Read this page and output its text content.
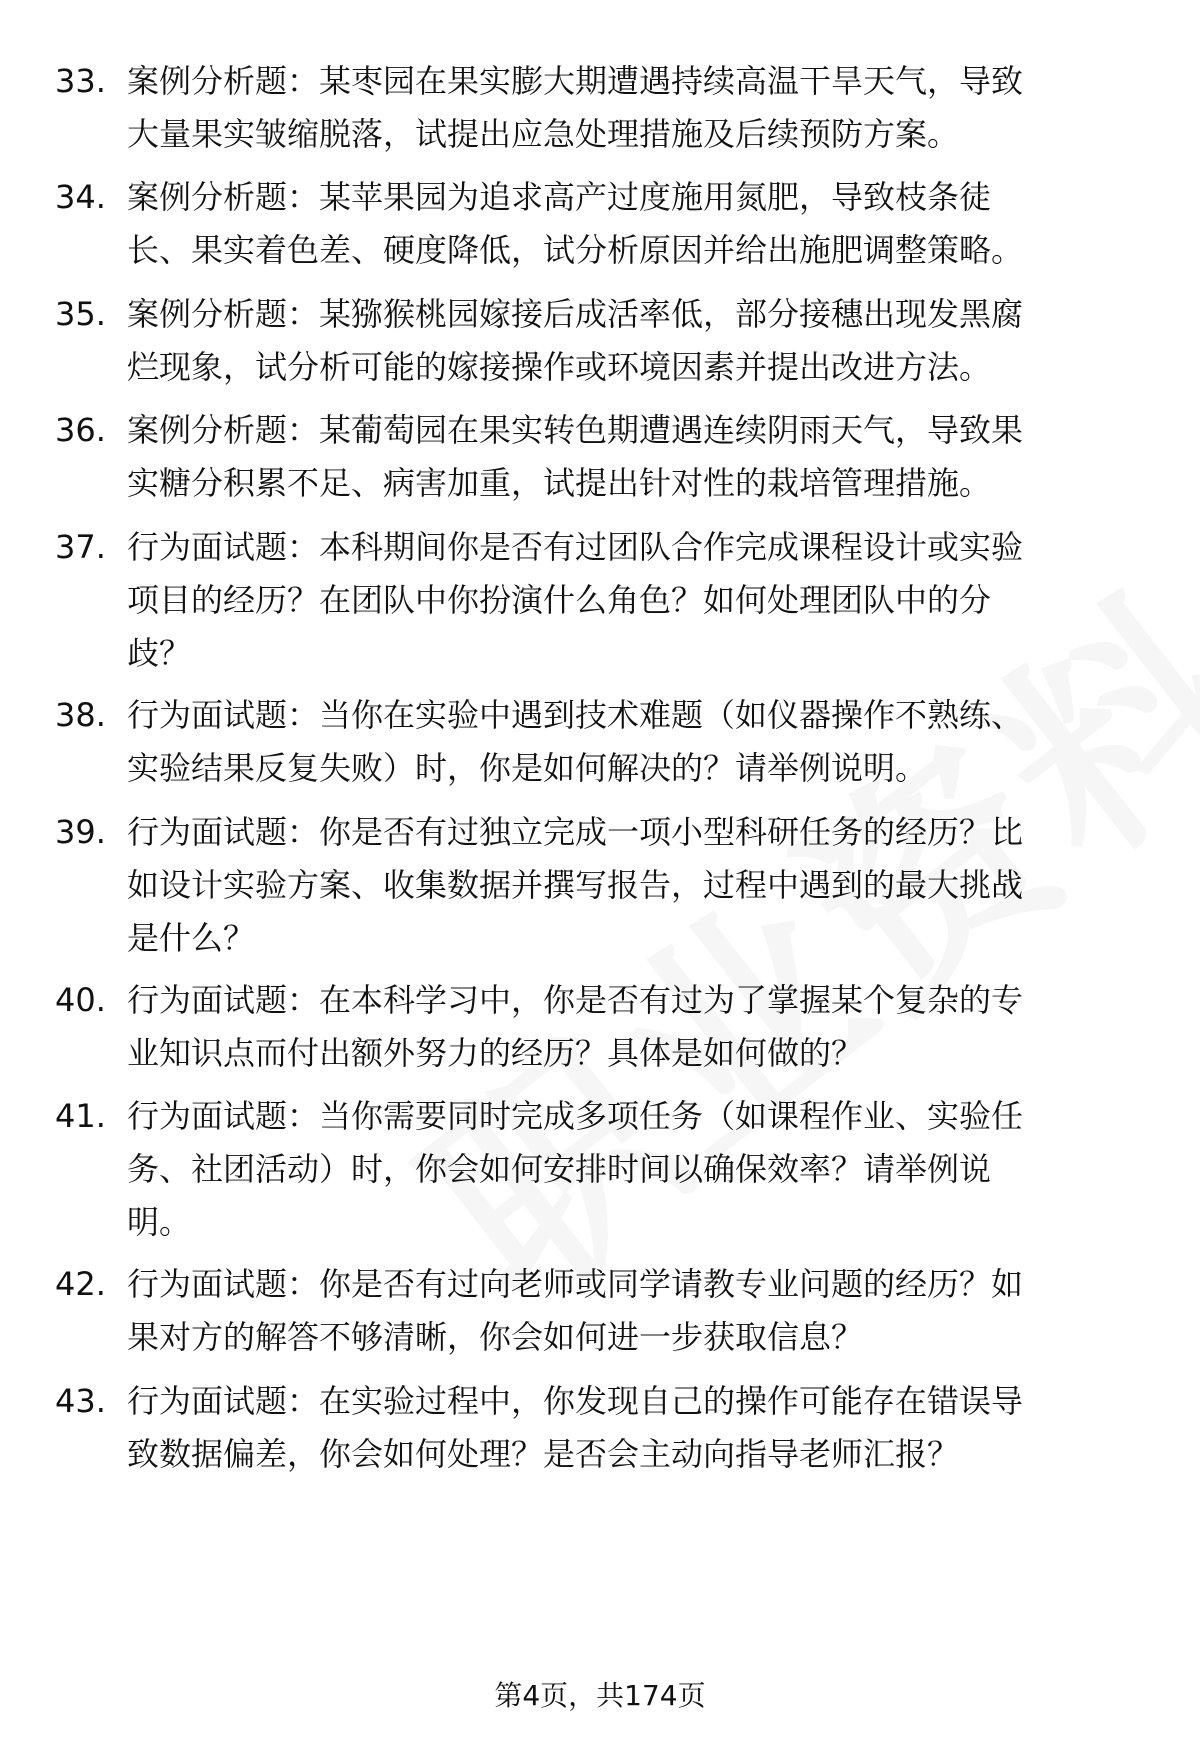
33. 案例分析题：某枣园在果实膨大期遭遇持续高温干旱天气，导致
大量果实皱缩脱落，试提出应急处理措施及后续预防方案。
34. 案例分析题：某苹果园为追求高产过度施用氮肥，导致枝条徒
长、果实着色差、硬度降低，试分析原因并给出施肥调整策略。
35. 案例分析题：某猕猴桃园嫁接后成活率低，部分接穗出现发黑腐
烂现象，试分析可能的嫁接操作或环境因素并提出改进方法。
36. 案例分析题：某葡萄园在果实转色期遭遇连续阴雨天气，导致果
实糖分积累不足、病害加重，试提出针对性的栽培管理措施。
37. 行为面试题：本科期间你是否有过团队合作完成课程设计或实验
项目的经历？在团队中你扮演什么角色？如何处理团队中的分
歧？
38. 行为面试题：当你在实验中遇到技术难题（如仪器操作不熟练、
实验结果反复失败）时，你是如何解决的？请举例说明。
39. 行为面试题：你是否有过独立完成一项小型科研任务的经历？比
如设计实验方案、收集数据并撰写报告，过程中遇到的最大挑战
是什么？
40. 行为面试题：在本科学习中，你是否有过为了掌握某个复杂的专
业知识点而付出额外努力的经历？具体是如何做的？
41. 行为面试题：当你需要同时完成多项任务（如课程作业、实验任
务、社团活动）时，你会如何安排时间以确保效率？请举例说
明。
42. 行为面试题：你是否有过向老师或同学请教专业问题的经历？如
果对方的解答不够清晰，你会如何进一步获取信息？
43. 行为面试题：在实验过程中，你发现自己的操作可能存在错误导
致数据偏差，你会如何处理？是否会主动向指导老师汇报？
第4页，共174页
